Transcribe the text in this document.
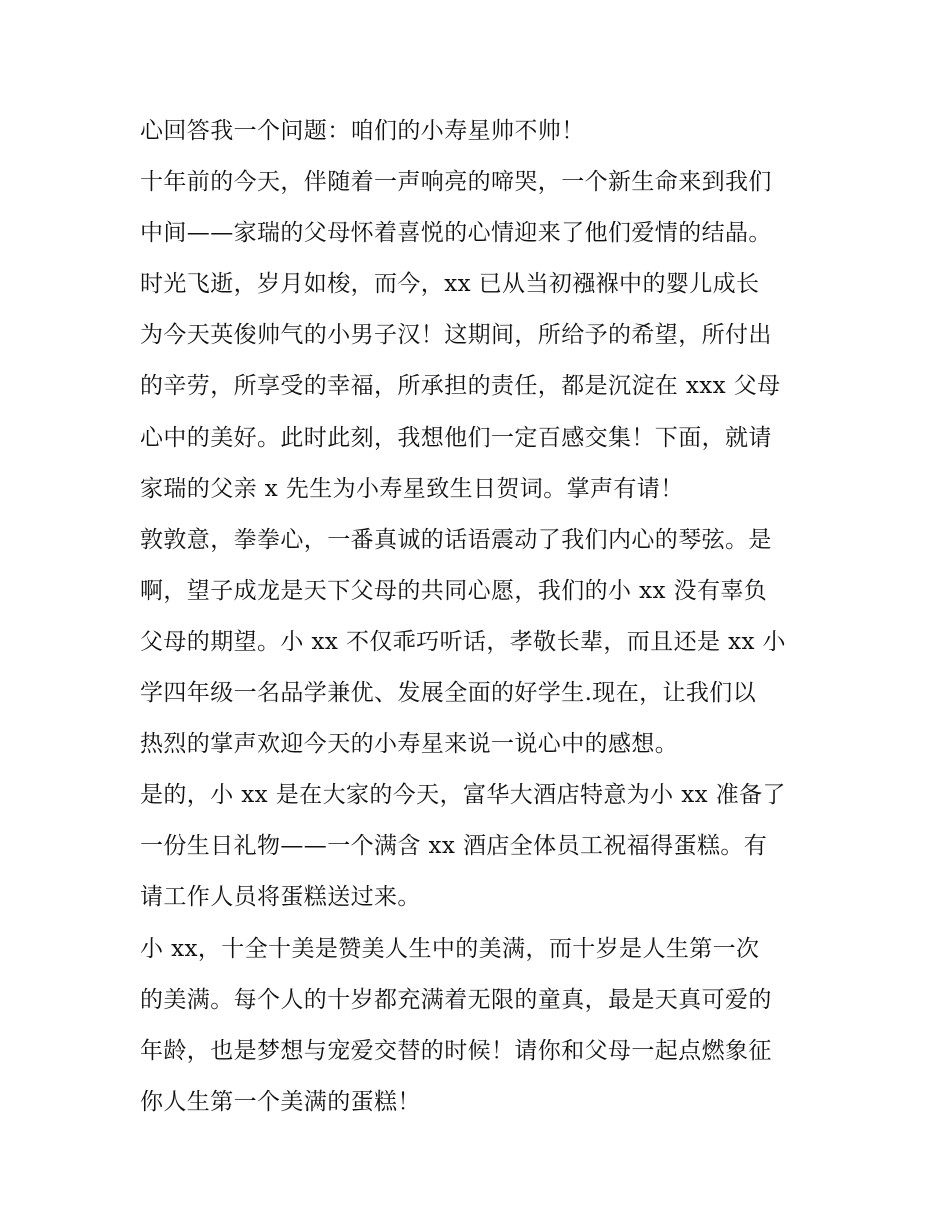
心回答我一个问题：咱们的小寿星帅不帅！
十年前的今天，伴随着一声响亮的啼哭，一个新生命来到我们
中间——家瑞的父母怀着喜悦的心情迎来了他们爱情的结晶。
时光飞逝，岁月如梭，而今，xx 已从当初襁褓中的婴儿成长
为今天英俊帅气的小男子汉！这期间，所给予的希望，所付出
的辛劳，所享受的幸福，所承担的责任，都是沉淀在 xxx 父母
心中的美好。此时此刻，我想他们一定百感交集！下面，就请
家瑞的父亲 x 先生为小寿星致生日贺词。掌声有请！
敦敦意，拳拳心，一番真诚的话语震动了我们内心的琴弦。是
啊，望子成龙是天下父母的共同心愿，我们的小 xx 没有辜负
父母的期望。小 xx 不仅乖巧听话，孝敬长辈，而且还是 xx 小
学四年级一名品学兼优、发展全面的好学生.现在，让我们以
热烈的掌声欢迎今天的小寿星来说一说心中的感想。
是的，小 xx 是在大家的今天，富华大酒店特意为小 xx 准备了
一份生日礼物——一个满含 xx 酒店全体员工祝福得蛋糕。有
请工作人员将蛋糕送过来。
小 xx，十全十美是赞美人生中的美满，而十岁是人生第一次
的美满。每个人的十岁都充满着无限的童真，最是天真可爱的
年龄，也是梦想与宠爱交替的时候！请你和父母一起点燃象征
你人生第一个美满的蛋糕！
